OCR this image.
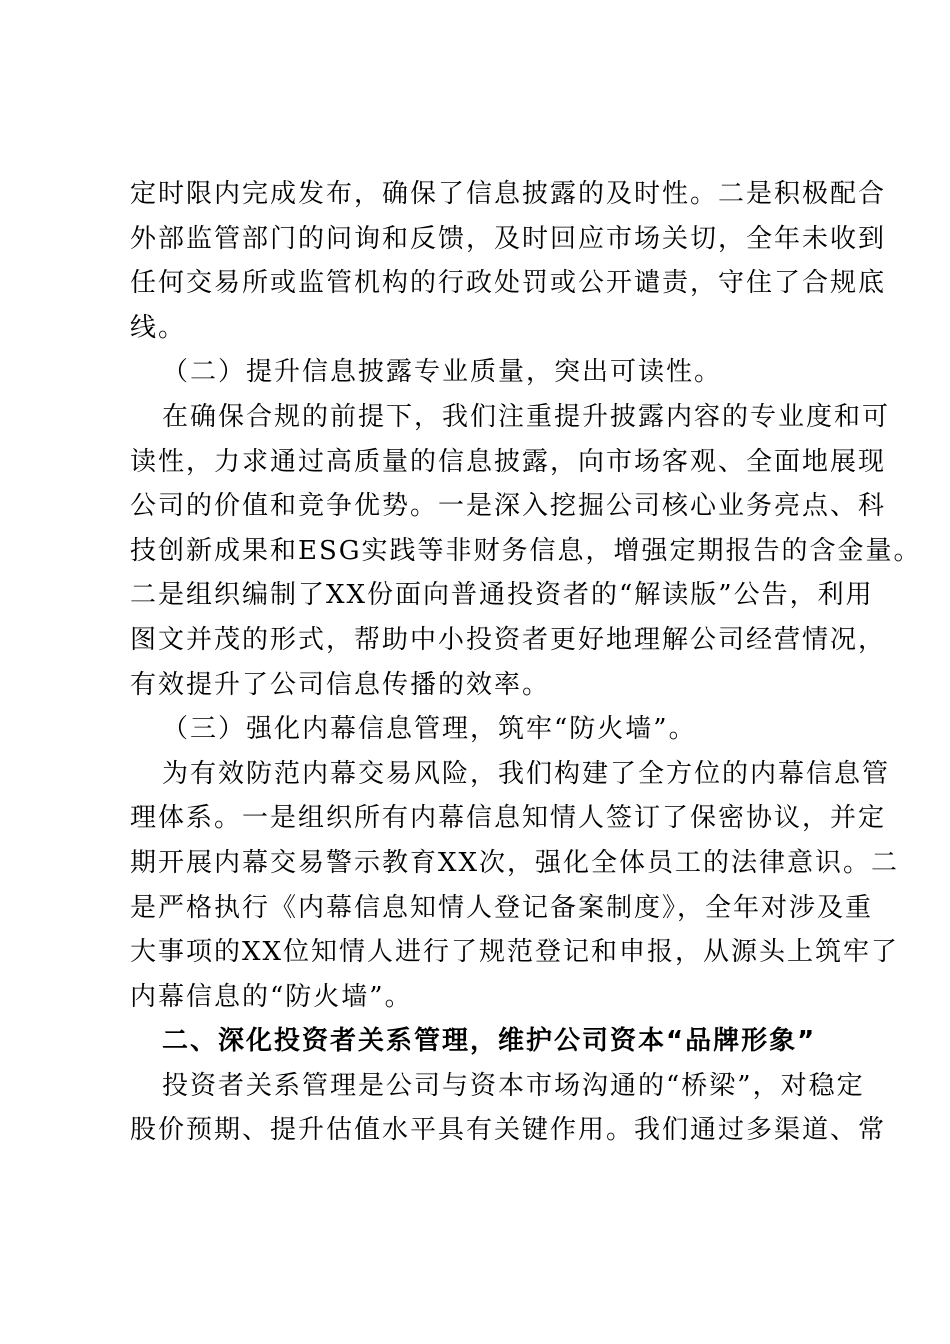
定时限内完成发布，确保了信息披露的及时性。二是积极配合
外部监管部门的问询和反馈，及时回应市场关切，全年未收到
任何交易所或监管机构的行政处罚或公开谴责，守住了合规底
线。
（二）提升信息披露专业质量，突出可读性。
在确保合规的前提下，我们注重提升披露内容的专业度和可
读性，力求通过高质量的信息披露，向市场客观、全面地展现
公司的价值和竞争优势。一是深入挖掘公司核心业务亮点、科
技创新成果和ESG实践等非财务信息，增强定期报告的含金量。
二是组织编制了XX份面向普通投资者的“解读版”公告，利用
图文并茂的形式，帮助中小投资者更好地理解公司经营情况，
有效提升了公司信息传播的效率。
（三）强化内幕信息管理，筑牢“防火墙”。
为有效防范内幕交易风险，我们构建了全方位的内幕信息管
理体系。一是组织所有内幕信息知情人签订了保密协议，并定
期开展内幕交易警示教育XX次，强化全体员工的法律意识。二
是严格执行《内幕信息知情人登记备案制度》，全年对涉及重
大事项的XX位知情人进行了规范登记和申报，从源头上筑牢了
内幕信息的“防火墙”。
二、深化投资者关系管理，维护公司资本“品牌形象”
投资者关系管理是公司与资本市场沟通的“桥梁”，对稳定
股价预期、提升估值水平具有关键作用。我们通过多渠道、常
